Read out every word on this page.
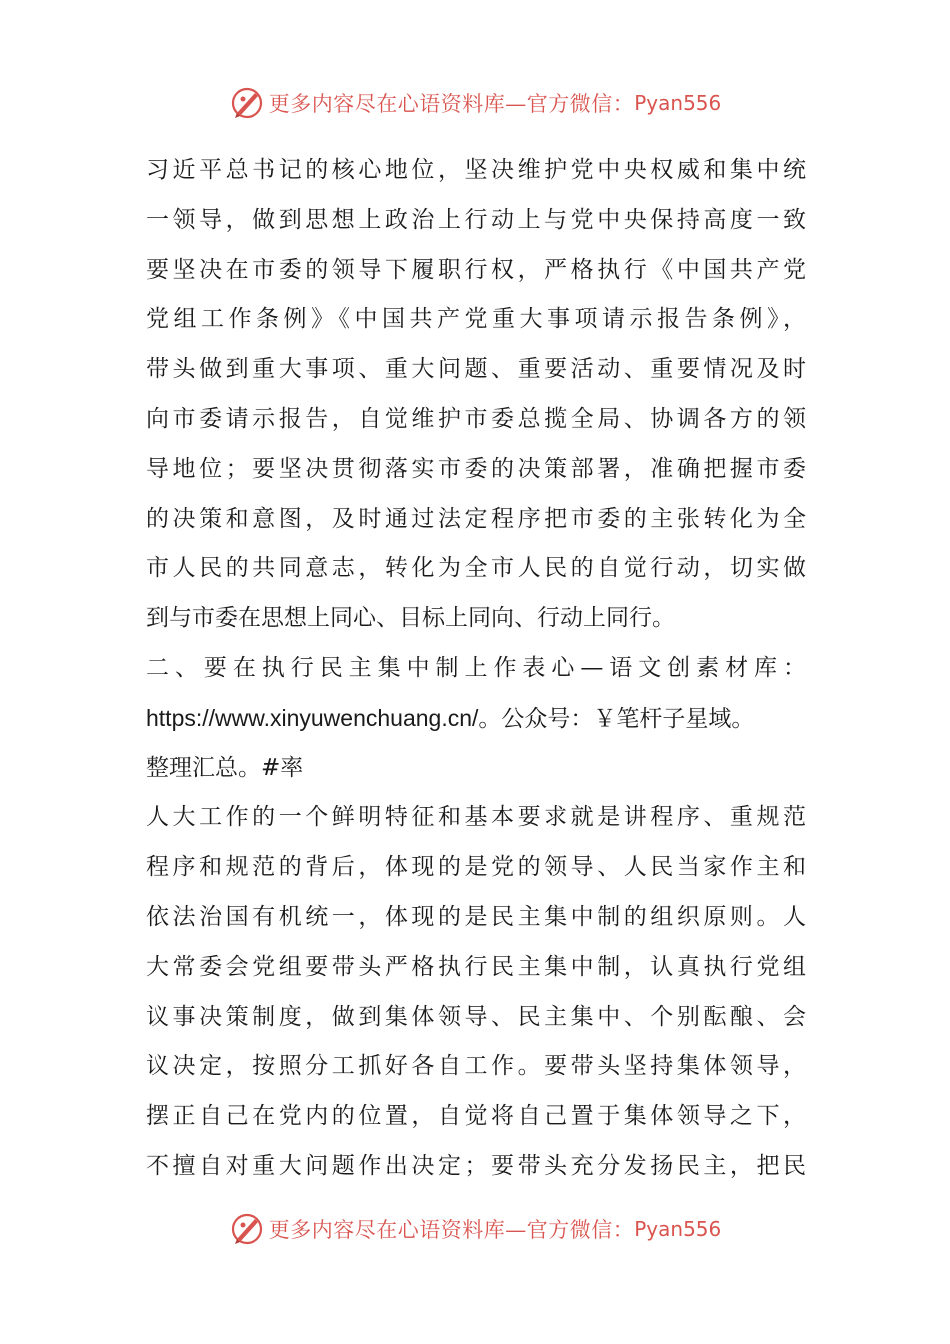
更多内容尽在心语资料库—官方微信： Pyan556
习近平总书记的核心地位，坚决维护党中央权威和集中统
一领导，做到思想上政治上行动上与党中央保持高度一致
要坚决在市委的领导下履职行权，严格执行《中国共产党
党组工作条例》《中国共产党重大事项请示报告条例》，
带头做到重大事项、重大问题、重要活动、重要情况及时
向市委请示报告，自觉维护市委总揽全局、协调各方的领
导地位；要坚决贯彻落实市委的决策部署，准确把握市委
的决策和意图，及时通过法定程序把市委的主张转化为全
市人民的共同意志，转化为全市人民的自觉行动，切实做
到与市委在思想上同心、目标上同向、行动上同行。
二、要在执行民主集中制上作表心—语文创素材库：
https://www.xinyuwenchuang.cn/。公众号：￥笔杆子星域。
整理汇总。#率
人大工作的一个鲜明特征和基本要求就是讲程序、重规范
程序和规范的背后，体现的是党的领导、人民当家作主和
依法治国有机统一，体现的是民主集中制的组织原则。人
大常委会党组要带头严格执行民主集中制，认真执行党组
议事决策制度，做到集体领导、民主集中、个别酝酿、会
议决定，按照分工抓好各自工作。要带头坚持集体领导，
摆正自己在党内的位置，自觉将自己置于集体领导之下，
不擅自对重大问题作出决定；要带头充分发扬民主，把民
更多内容尽在心语资料库—官方微信： Pyan556
